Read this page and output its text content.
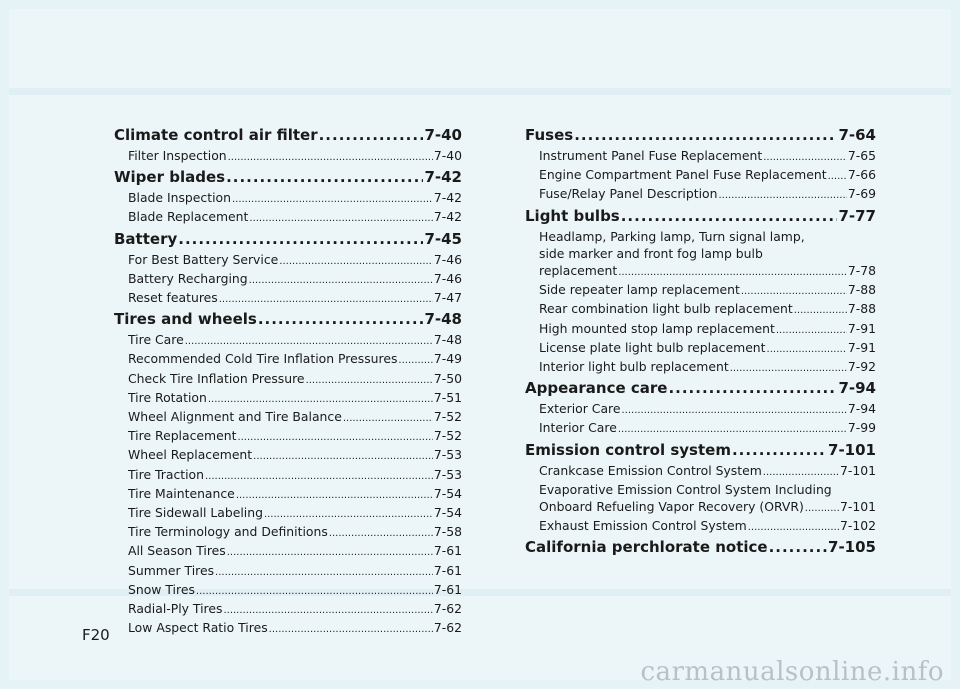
Climate control air filter .....	7-40
Filter Inspection .....	7-40
Wiper blades .....	7-42
Blade Inspection .....	7-42
Blade Replacement .....	7-42
Battery .....	7-45
For Best Battery Service .....	7-46
Battery Recharging .....	7-46
Reset features .....	7-47
Tires and wheels .....	7-48
Tire Care .....	7-48
Recommended Cold Tire Inflation Pressures .....	7-49
Check Tire Inflation Pressure .....	7-50
Tire Rotation .....	7-51
Wheel Alignment and Tire Balance .....	7-52
Tire Replacement .....	7-52
Wheel Replacement .....	7-53
Tire Traction .....	7-53
Tire Maintenance .....	7-54
Tire Sidewall Labeling .....	7-54
Tire Terminology and Definitions .....	7-58
All Season Tires .....	7-61
Summer Tires .....	7-61
Snow Tires .....	7-61
Radial-Ply Tires .....	7-62
Low Aspect Ratio Tires .....	7-62
Fuses .....	7-64
Instrument Panel Fuse Replacement .....	7-65
Engine Compartment Panel Fuse Replacement ..... 7-66
Fuse/Relay Panel Description .....	7-69
Light bulbs .....	7-77
Headlamp, Parking lamp, Turn signal lamp,
side marker and front fog lamp bulb
replacement .....	7-78
Side repeater lamp replacement .....	7-88
Rear combination light bulb replacement .....	7-88
High mounted stop lamp replacement .....	7-91
License plate light bulb replacement .....	7-91
Interior light bulb replacement .....	7-92
Appearance care .....	7-94
Exterior Care .....	7-94
Interior Care .....	7-99
Emission control system .....	7-101
Crankcase Emission Control System .....	7-101
Evaporative Emission Control System Including
Onboard Refueling Vapor Recovery (ORVR) .....	7-101
Exhaust Emission Control System .....	7-102
California perchlorate notice .....	7-105
F20
carmanualsonline.info
